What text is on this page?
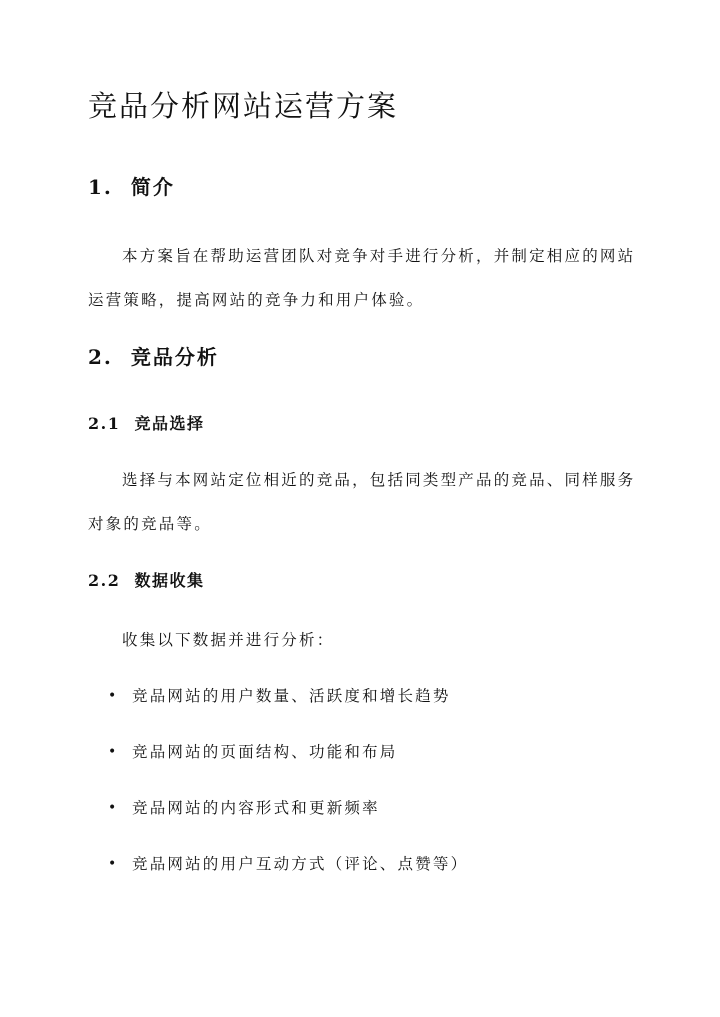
竞品分析网站运营方案
1. 简介

本方案旨在帮助运营团队对竞争对手进行分析，并制定相应的网站运营策略，提高网站的竞争力和用户体验。

2. 竞品分析
2.1 竞品选择

选择与本网站定位相近的竞品，包括同类型产品的竞品、同样服务对象的竞品等。

2.2 数据收集

收集以下数据并进行分析：

• 竞品网站的用户数量、活跃度和增长趋势
• 竞品网站的页面结构、功能和布局
• 竞品网站的内容形式和更新频率
• 竞品网站的用户互动方式（评论、点赞等）
